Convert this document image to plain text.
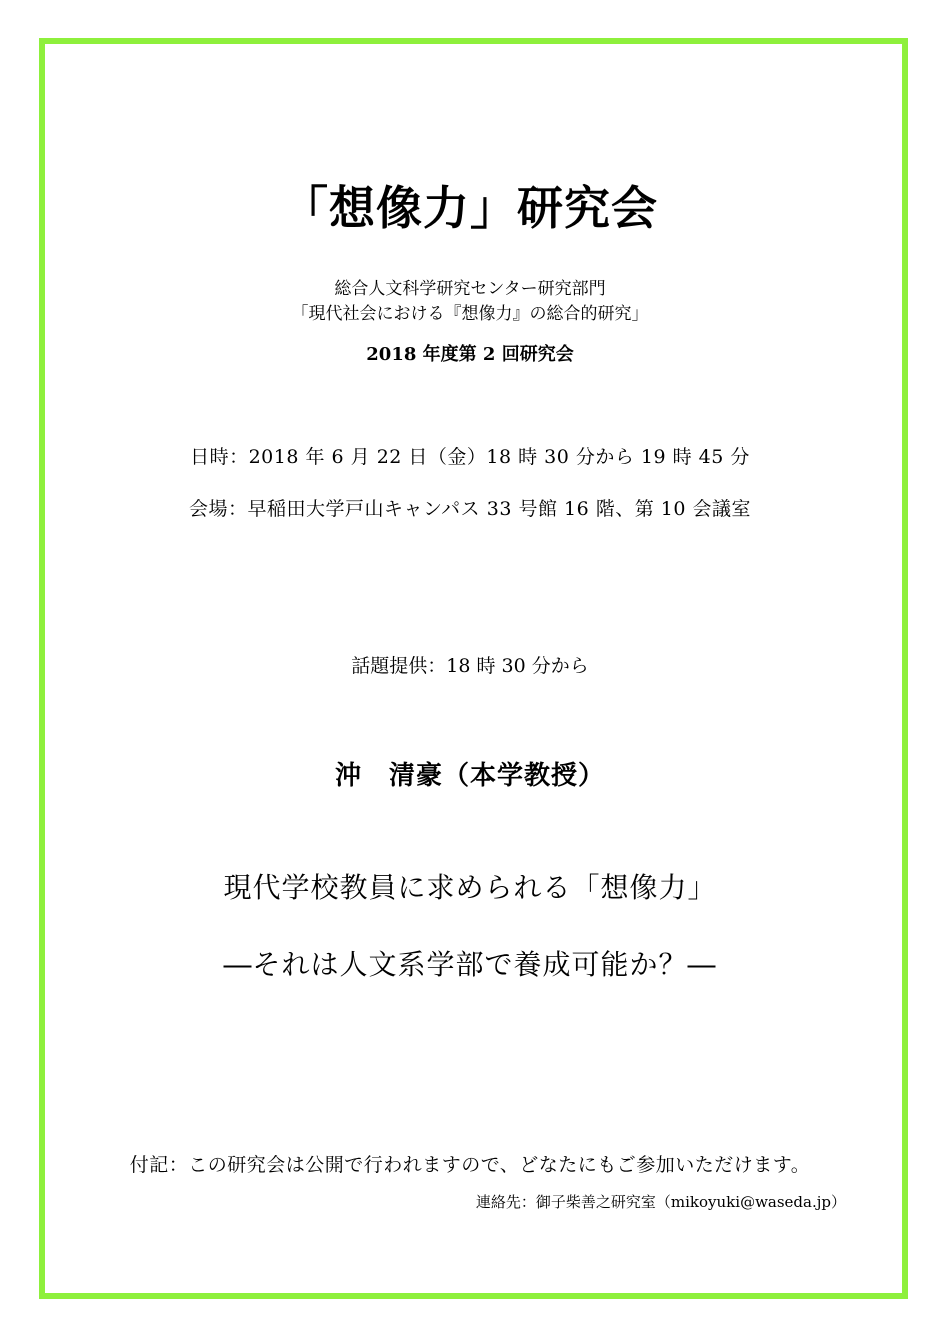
「想像力」研究会
総合人文科学研究センター研究部門
「現代社会における『想像力』の総合的研究」
2018 年度第 2 回研究会
日時：2018 年 6 月 22 日（金）18 時 30 分から 19 時 45 分
会場：早稲田大学戸山キャンパス 33 号館 16 階、第 10 会議室
話題提供：18 時 30 分から
沖　清豪（本学教授）
現代学校教員に求められる「想像力」
―それは人文系学部で養成可能か？―
付記：この研究会は公開で行われますので、どなたにもご参加いただけます。
連絡先：御子柴善之研究室（mikoyuki@waseda.jp）
